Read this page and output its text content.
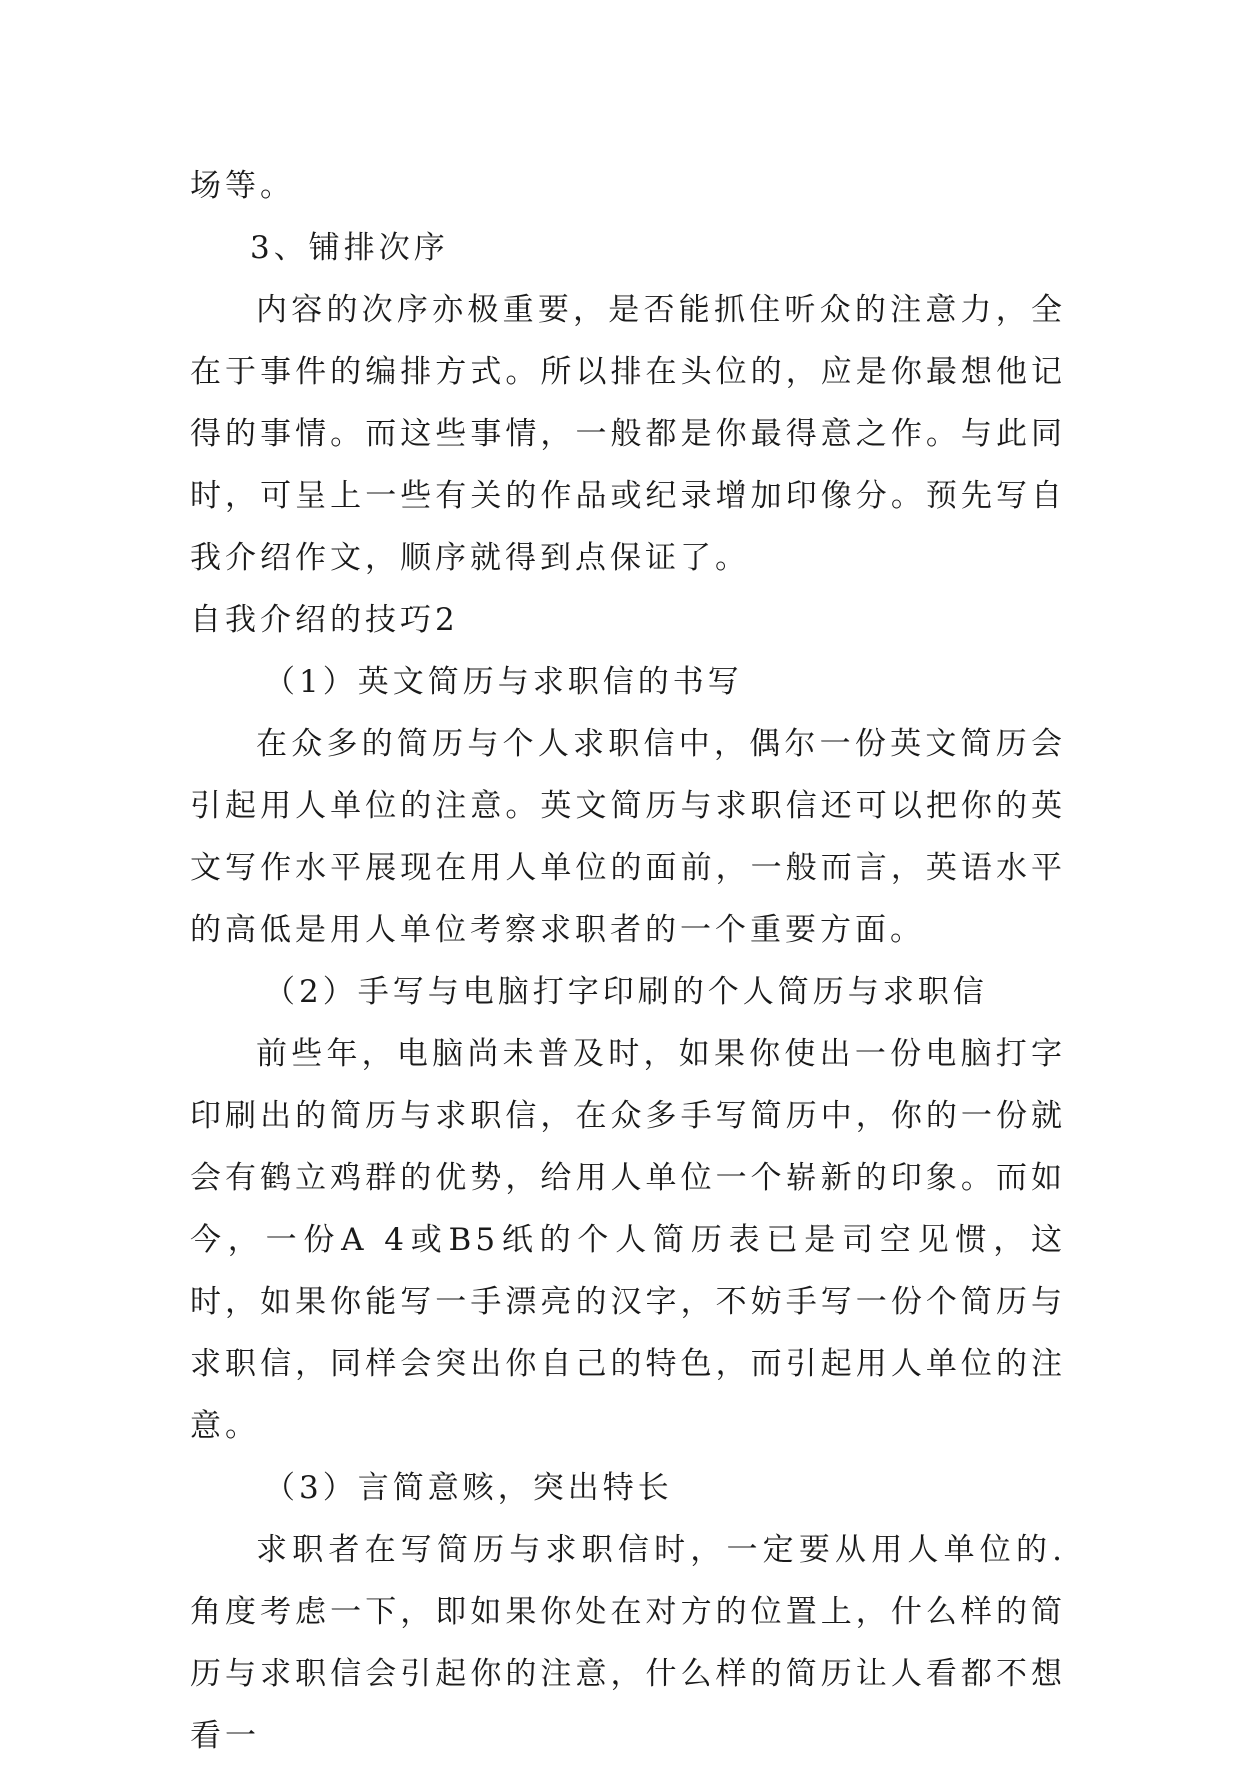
场等。

3、铺排次序

内容的次序亦极重要，是否能抓住听众的注意力，全在于事件的编排方式。所以排在头位的，应是你最想他记得的事情。而这些事情，一般都是你最得意之作。与此同时，可呈上一些有关的作品或纪录增加印像分。预先写自我介绍作文，顺序就得到点保证了。

自我介绍的技巧2

（1）英文简历与求职信的书写

在众多的简历与个人求职信中，偶尔一份英文简历会引起用人单位的注意。英文简历与求职信还可以把你的英文写作水平展现在用人单位的面前，一般而言，英语水平的高低是用人单位考察求职者的一个重要方面。

（2）手写与电脑打字印刷的个人简历与求职信

前些年，电脑尚未普及时，如果你使出一份电脑打字印刷出的简历与求职信，在众多手写简历中，你的一份就会有鹤立鸡群的优势，给用人单位一个崭新的印象。而如今，一份A 4或B5纸的个人简历表已是司空见惯，这时，如果你能写一手漂亮的汉字，不妨手写一份个简历与求职信，同样会突出你自己的特色，而引起用人单位的注意。

（3）言简意赅，突出特长

求职者在写简历与求职信时，一定要从用人单位的.角度考虑一下，即如果你处在对方的位置上，什么样的简历与求职信会引起你的注意，什么样的简历让人看都不想看一
